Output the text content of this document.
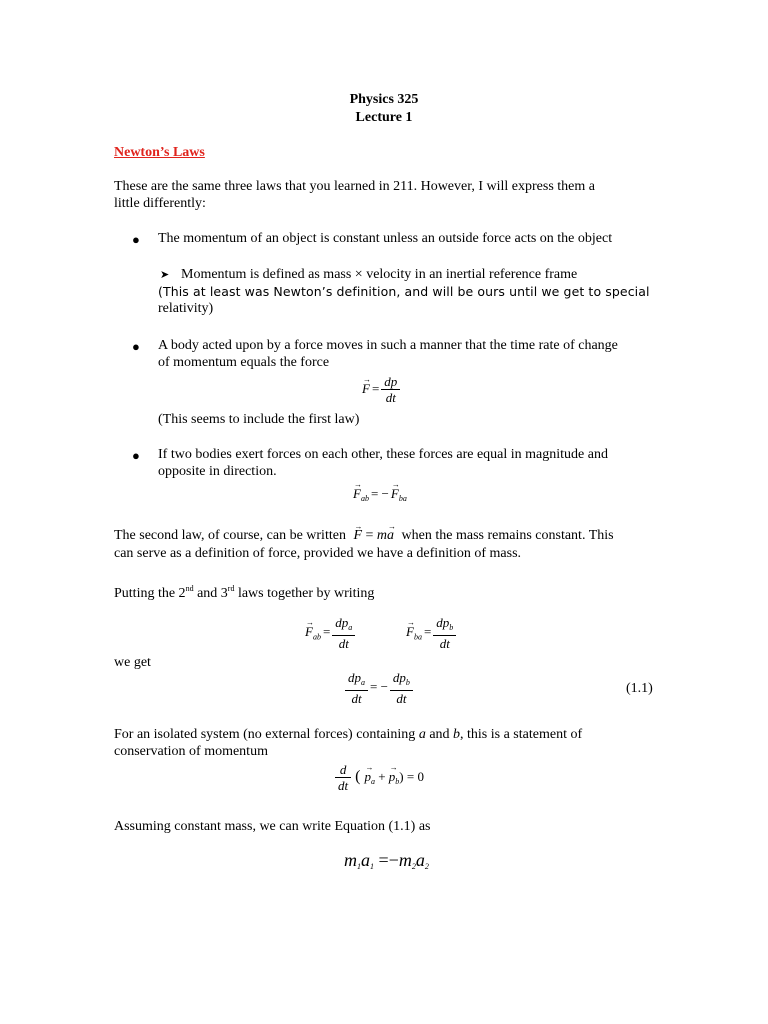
Physics 325
Lecture 1
Newton’s Laws
These are the same three laws that you learned in 211. However, I will express them a
little differently:
● The momentum of an object is constant unless an outside force acts on the object
➤ Momentum is defined as mass × velocity in an inertial reference frame
(This at least was Newton’s definition, and will be ours until we get to special
relativity)
● A body acted upon by a force moves in such a manner that the time rate of change
of momentum equals the force
→ $F = \frac{dp}{dt}$
(This seems to include the first law)
● If two bodies exert forces on each other, these forces are equal in magnitude and
opposite in direction.
→ $F_{ab}$ = − → $F_{ba}$
The second law, of course, can be written → F = m→ a when the mass remains constant. This
can serve as a definition of force, provided we have a definition of mass.
Putting the 2nd and 3rd laws together by writing
→ $F_{ab} = \frac{dp_a}{dt}$	→ $F_{ba} = \frac{dp_b}{dt}$
we get
$\frac{dp_a}{dt}$ = − $\frac{dp_b}{dt}$	(1.1)
For an isolated system (no external forces) containing a and b, this is a statement of
conservation of momentum
$\frac{d}{dt}$ ( → $p_a$ + → $p_b) = 0$
Assuming constant mass, we can write Equation (1.1) as
$m_1a_1 =-m_2a_2$
